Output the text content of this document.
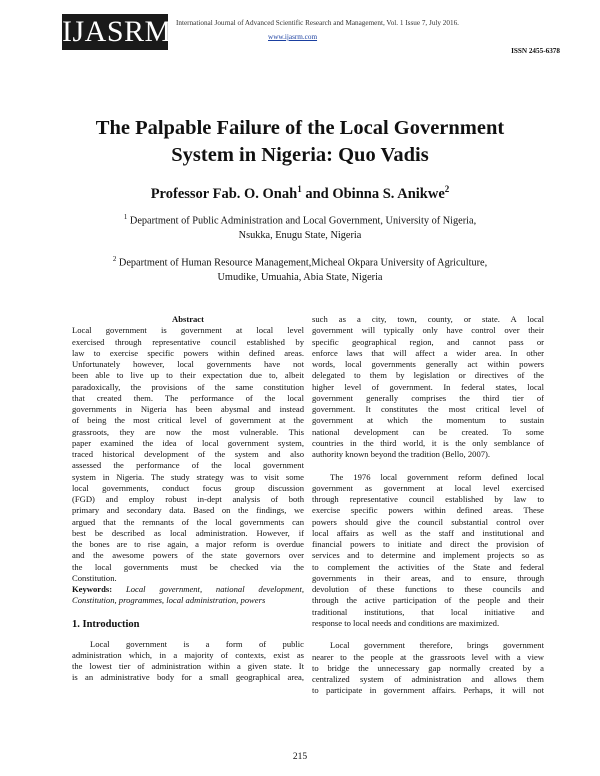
IJASRM International Journal of Advanced Scientific Research and Management, Vol. 1 Issue 7, July 2016.
www.ijasrm.com
ISSN 2455-6378
The Palpable Failure of the Local Government
System in Nigeria: Quo Vadis
Professor Fab. O. Onah$^1$ and Obinna S. Anikwe$^2$
$^1$ Department of Public Administration and Local Government, University of Nigeria,
Nsukka, Enugu State, Nigeria
$^2$ Department of Human Resource Management,Micheal Okpara University of Agriculture,
Umudike, Umuahia, Abia State, Nigeria
Abstract
Local government is government at local level
exercised through representative council established by
law to exercise specific powers within defined areas.
Unfortunately however, local governments have not
been able to live up to their expectation due to, albeit
paradoxically, the provisions of the same constitution
that created them. The performance of the local
governments in Nigeria has been abysmal and instead
of being the most critical level of government at the
grassroots, they are now the most vulnerable. This
paper examined the idea of local government system,
traced historical development of the system and also
assessed the performance of the local government
system in Nigeria. The study strategy was to visit some
local governments, conduct focus group discussion
(FGD) and employ robust in-dept analysis of both
primary and secondary data. Based on the findings, we
argued that the remnants of the local governments can
best be described as local administration. However, if
the bones are to rise again, a major reform is overdue
and the awesome powers of the state governors over
the local governments must be checked via the
Constitution.
Keywords: Local government, national development,
Constitution, programmes, local administration, powers
1. Introduction
Local government is a form of public
administration which, in a majority of contexts, exist as
the lowest tier of administration within a given state. It
is an administrative body for a small geographical area,
such as a city, town, county, or state. A local
government will typically only have control over their
specific geographical region, and cannot pass or
enforce laws that will affect a wider area. In other
words, local governments generally act within powers
delegated to them by legislation or directives of the
higher level of government. In federal states, local
government generally comprises the third tier of
government. It constitutes the most critical level of
government at which the momentum to sustain
national development can be created. To some
countries in the third world, it is the only semblance of
authority known beyond the tradition (Bello, 2007).
The 1976 local government reform defined local
government as government at local level exercised
through representative council established by law to
exercise specific powers within defined areas. These
powers should give the council substantial control over
local affairs as well as the staff and institutional and
financial powers to initiate and direct the provision of
services and to determine and implement projects so as
to complement the activities of the State and federal
governments in their areas, and to ensure, through
devolution of these functions to these councils and
through the active participation of the people and their
traditional institutions, that local initiative and
response to local needs and conditions are maximized.
Local government therefore, brings government
nearer to the people at the grassroots level with a view
to bridge the unnecessary gap normally created by a
centralized system of administration and allows them
to participate in government affairs. Perhaps, it will not
215
